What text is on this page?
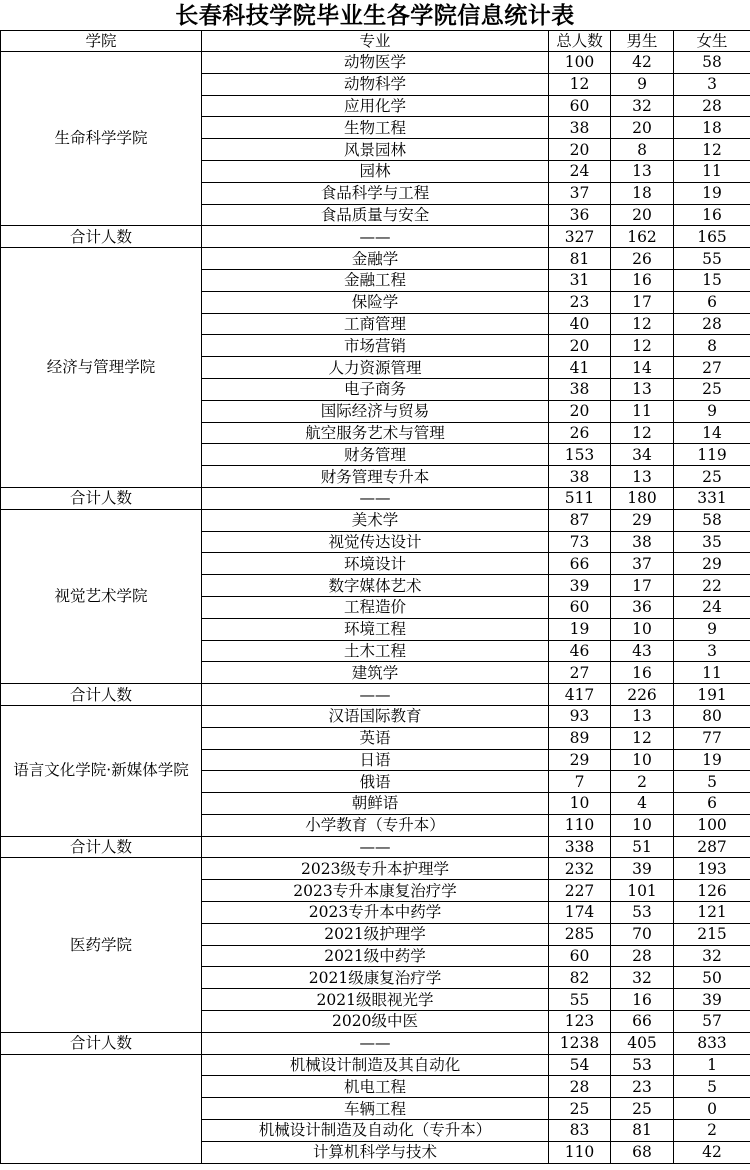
长春科技学院毕业生各学院信息统计表
学院	专业	总人数	男生	女生
生命科学学院	动物医学	100	42	58
	动物科学	12	9	3
	应用化学	60	32	28
	生物工程	38	20	18
	风景园林	20	8	12
	园林	24	13	11
	食品科学与工程	37	18	19
	食品质量与安全	36	20	16
合计人数	——	327	162	165
经济与管理学院	金融学	81	26	55
	金融工程	31	16	15
	保险学	23	17	6
	工商管理	40	12	28
	市场营销	20	12	8
	人力资源管理	41	14	27
	电子商务	38	13	25
	国际经济与贸易	20	11	9
	航空服务艺术与管理	26	12	14
	财务管理	153	34	119
	财务管理专升本	38	13	25
合计人数	——	511	180	331
视觉艺术学院	美术学	87	29	58
	视觉传达设计	73	38	35
	环境设计	66	37	29
	数字媒体艺术	39	17	22
	工程造价	60	36	24
	环境工程	19	10	9
	土木工程	46	43	3
	建筑学	27	16	11
合计人数	——	417	226	191
语言文化学院·新媒体学院	汉语国际教育	93	13	80
	英语	89	12	77
	日语	29	10	19
	俄语	7	2	5
	朝鲜语	10	4	6
	小学教育（专升本）	110	10	100
合计人数	——	338	51	287
医药学院	2023级专升本护理学	232	39	193
	2023专升本康复治疗学	227	101	126
	2023专升本中药学	174	53	121
	2021级护理学	285	70	215
	2021级中药学	60	28	32
	2021级康复治疗学	82	32	50
	2021级眼视光学	55	16	39
	2020级中医	123	66	57
合计人数	——	1238	405	833
	机械设计制造及其自动化	54	53	1
	机电工程	28	23	5
	车辆工程	25	25	0
	机械设计制造及自动化（专升本）	83	81	2
	计算机科学与技术	110	68	42
